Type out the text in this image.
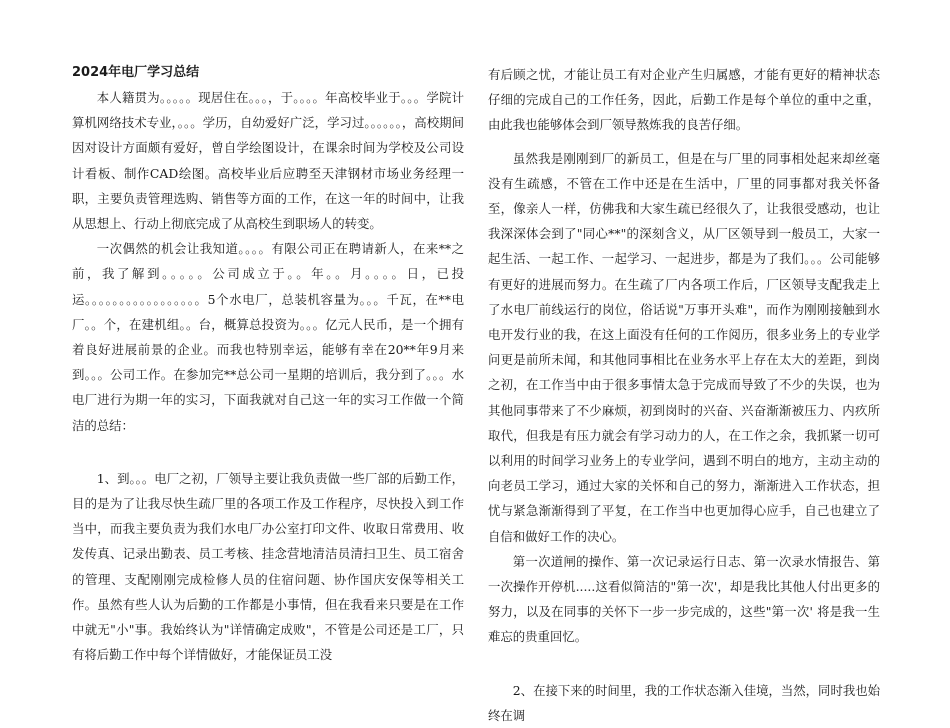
2024年电厂学习总结

本人籍贯为。。。。。现居住在。。。，于。。。。年高校毕业于。。。学院计算机网络技术专业，。。。学历，自幼爱好广泛，学习过。。。。。。，高校期间因对设计方面颇有爱好，曾自学绘图设计，在课余时间为学校及公司设计看板、制作CAD绘图。高校毕业后应聘至天津钢材市场业务经理一职，主要负责管理选购、销售等方面的工作，在这一年的时间中，让我从思想上、行动上彻底完成了从高校生到职场人的转变。

一次偶然的机会让我知道。。。。有限公司正在聘请新人，在来**之前，我了解到。。。。。公司成立于。。年。。月。。。。日，已投运。。。。。。。。。。。。。。。。。5个水电厂，总装机容量为。。。千瓦，在**电厂。。个，在建机组。。台，概算总投资为。。。亿元人民币，是一个拥有着良好进展前景的企业。而我也特别幸运，能够有幸在20**年9月来到。。。公司工作。在参加完**总公司一星期的培训后，我分到了。。。水电厂进行为期一年的实习，下面我就对自己这一年的实习工作做一个简洁的总结：

1、到。。。电厂之初，厂领导主要让我负责做一些厂部的后勤工作，目的是为了让我尽快生疏厂里的各项工作及工作程序，尽快投入到工作当中，而我主要负责为我们水电厂办公室打印文件、收取日常费用、收发传真、记录出勤表、员工考核、挂念营地清洁员清扫卫生、员工宿舍的管理、支配刚刚完成检修人员的住宿问题、协作国庆安保等相关工作。虽然有些人认为后勤的工作都是小事情，但在我看来只要是在工作中就无"小"事。我始终认为"详情确定成败"，不管是公司还是工厂，只有将后勤工作中每个详情做好，才能保证员工没

有后顾之忧，才能让员工有对企业产生归属感，才能有更好的精神状态仔细的完成自己的工作任务，因此，后勤工作是每个单位的重中之重，由此我也能够体会到厂领导熬炼我的良苦仔细。

虽然我是刚刚到厂的新员工，但是在与厂里的同事相处起来却丝毫没有生疏感，不管在工作中还是在生活中，厂里的同事都对我关怀备至，像亲人一样，仿佛我和大家生疏已经很久了，让我很受感动，也让我深深体会到了"同心**"的深刻含义，从厂区领导到一般员工，大家一起生活、一起工作、一起学习、一起进步，都是为了我们。。。公司能够有更好的进展而努力。在生疏了厂内各项工作后，厂区领导支配我走上了水电厂前线运行的岗位，俗话说"万事开头难"，而作为刚刚接触到水电开发行业的我，在这上面没有任何的工作阅历，很多业务上的专业学问更是前所未闻，和其他同事相比在业务水平上存在太大的差距，到岗之初，在工作当中由于很多事情太急于完成而导致了不少的失误，也为其他同事带来了不少麻烦，初到岗时的兴奋、兴奋渐渐被压力、内疚所取代，但我是有压力就会有学习动力的人，在工作之余，我抓紧一切可以利用的时间学习业务上的专业学问，遇到不明白的地方，主动主动的向老员工学习，通过大家的关怀和自己的努力，渐渐进入工作状态，担忧与紧急渐渐得到了平复，在工作当中也更加得心应手，自己也建立了自信和做好工作的决心。

第一次道闸的操作、第一次记录运行日志、第一次录水情报告、第一次操作开停机.....这看似简洁的"第一次'，却是我比其他人付出更多的努力，以及在同事的关怀下一步一步完成的，这些"第一次' 将是我一生难忘的贵重回忆。

2、在接下来的时间里，我的工作状态渐入佳境，当然，同时我也始终在调
